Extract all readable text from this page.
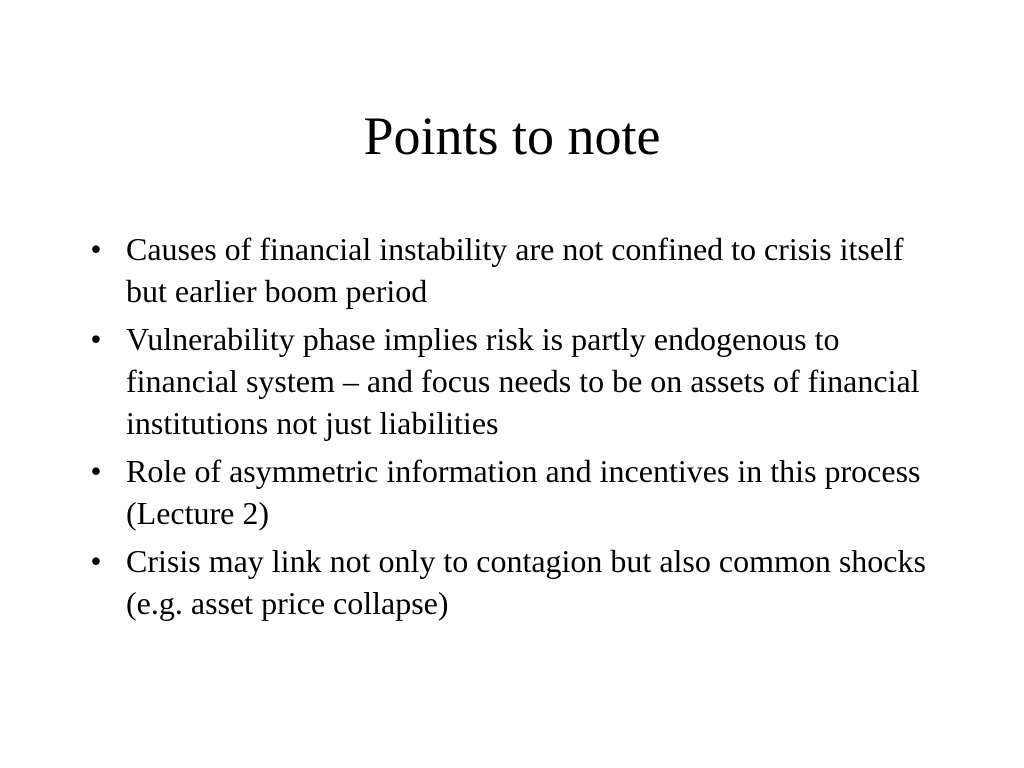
Points to note
• Causes of financial instability are not confined to crisis itself but earlier boom period
• Vulnerability phase implies risk is partly endogenous to financial system – and focus needs to be on assets of financial institutions not just liabilities
• Role of asymmetric information and incentives in this process (Lecture 2)
• Crisis may link not only to contagion but also common shocks (e.g. asset price collapse)
